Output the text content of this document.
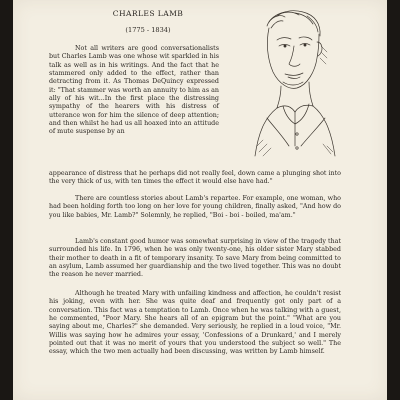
CHARLES LAMB
(1775 - 1834)

Not all writers are good conversationalists but Charles Lamb was one whose wit sparkled in his talk as well as in his writings. And the fact that he stammered only added to the effect, rather than detracting from it. As Thomas DeQuincy expressed it: "That stammer was worth an annuity to him as an ally of his wit...In the first place the distressing sympathy of the hearers with his distress of utterance won for him the silence of deep attention; and then whilst he had us all hoaxed into an attitude of mute suspense by an

appearance of distress that he perhaps did not really feel, down came a plunging shot into the very thick of us, with ten times the effect it would else have had."

There are countless stories about Lamb's repartee. For example, one woman, who had been holding forth too long on her love for young children, finally asked, "And how do you like babies, Mr. Lamb?" Solemnly, he replied, "Boi - boi - boiled, ma'am."

Lamb's constant good humor was somewhat surprising in view of the tragedy that surrounded his life. In 1796, when he was only twenty-one, his older sister Mary stabbed their mother to death in a fit of temporary insanity. To save Mary from being committed to an asylum, Lamb assumed her guardianship and the two lived together. This was no doubt the reason he never married.

Although he treated Mary with unfailing kindness and affection, he couldn't resist his joking, even with her. She was quite deaf and frequently got only part of a conversation. This fact was a temptation to Lamb. Once when he was talking with a guest, he commented, "Poor Mary. She hears all of an epigram but the point." "What are you saying about me, Charles?" she demanded. Very seriously, he replied in a loud voice, "Mr. Willis was saying how he admires your essay, 'Confessions of a Drunkard,' and I merely pointed out that it was no merit of yours that you understood the subject so well." The essay, which the two men actually had been discussing, was written by Lamb himself.
